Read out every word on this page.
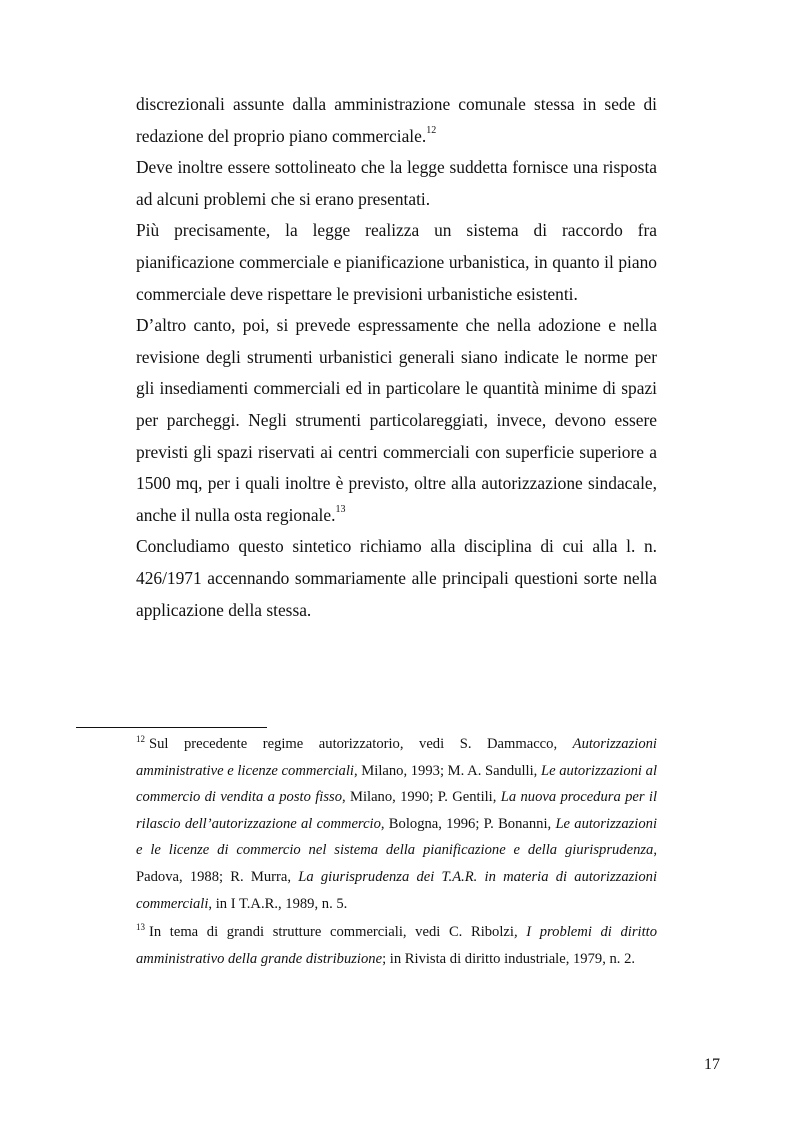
discrezionali assunte dalla amministrazione comunale stessa in sede di redazione del proprio piano commerciale.$^{12}$

Deve inoltre essere sottolineato che la legge suddetta fornisce una risposta ad alcuni problemi che si erano presentati.

Più precisamente, la legge realizza un sistema di raccordo fra pianificazione commerciale e pianificazione urbanistica, in quanto il piano commerciale deve rispettare le previsioni urbanistiche esistenti.

D’altro canto, poi, si prevede espressamente che nella adozione e nella revisione degli strumenti urbanistici generali siano indicate le norme per gli insediamenti commerciali ed in particolare le quantità minime di spazi per parcheggi. Negli strumenti particolareggiati, invece, devono essere previsti gli spazi riservati ai centri commerciali con superficie superiore a 1500 mq, per i quali inoltre è previsto, oltre alla autorizzazione sindacale, anche il nulla osta regionale.$^{13}$

Concludiamo questo sintetico richiamo alla disciplina di cui alla l. n. 426/1971 accennando sommariamente alle principali questioni sorte nella applicazione della stessa.

$^{12}$ Sul precedente regime autorizzatorio, vedi S. Dammacco, Autorizzazioni amministrative e licenze commerciali, Milano, 1993; M. A. Sandulli, Le autorizzazioni al commercio di vendita a posto fisso, Milano, 1990; P. Gentili, La nuova procedura per il rilascio dell’autorizzazione al commercio, Bologna, 1996; P. Bonanni, Le autorizzazioni e le licenze di commercio nel sistema della pianificazione e della giurisprudenza, Padova, 1988; R. Murra, La giurisprudenza dei T.A.R. in materia di autorizzazioni commerciali, in I T.A.R., 1989, n. 5.

$^{13}$ In tema di grandi strutture commerciali, vedi C. Ribolzi, I problemi di diritto amministrativo della grande distribuzione; in Rivista di diritto industriale, 1979, n. 2.

17
